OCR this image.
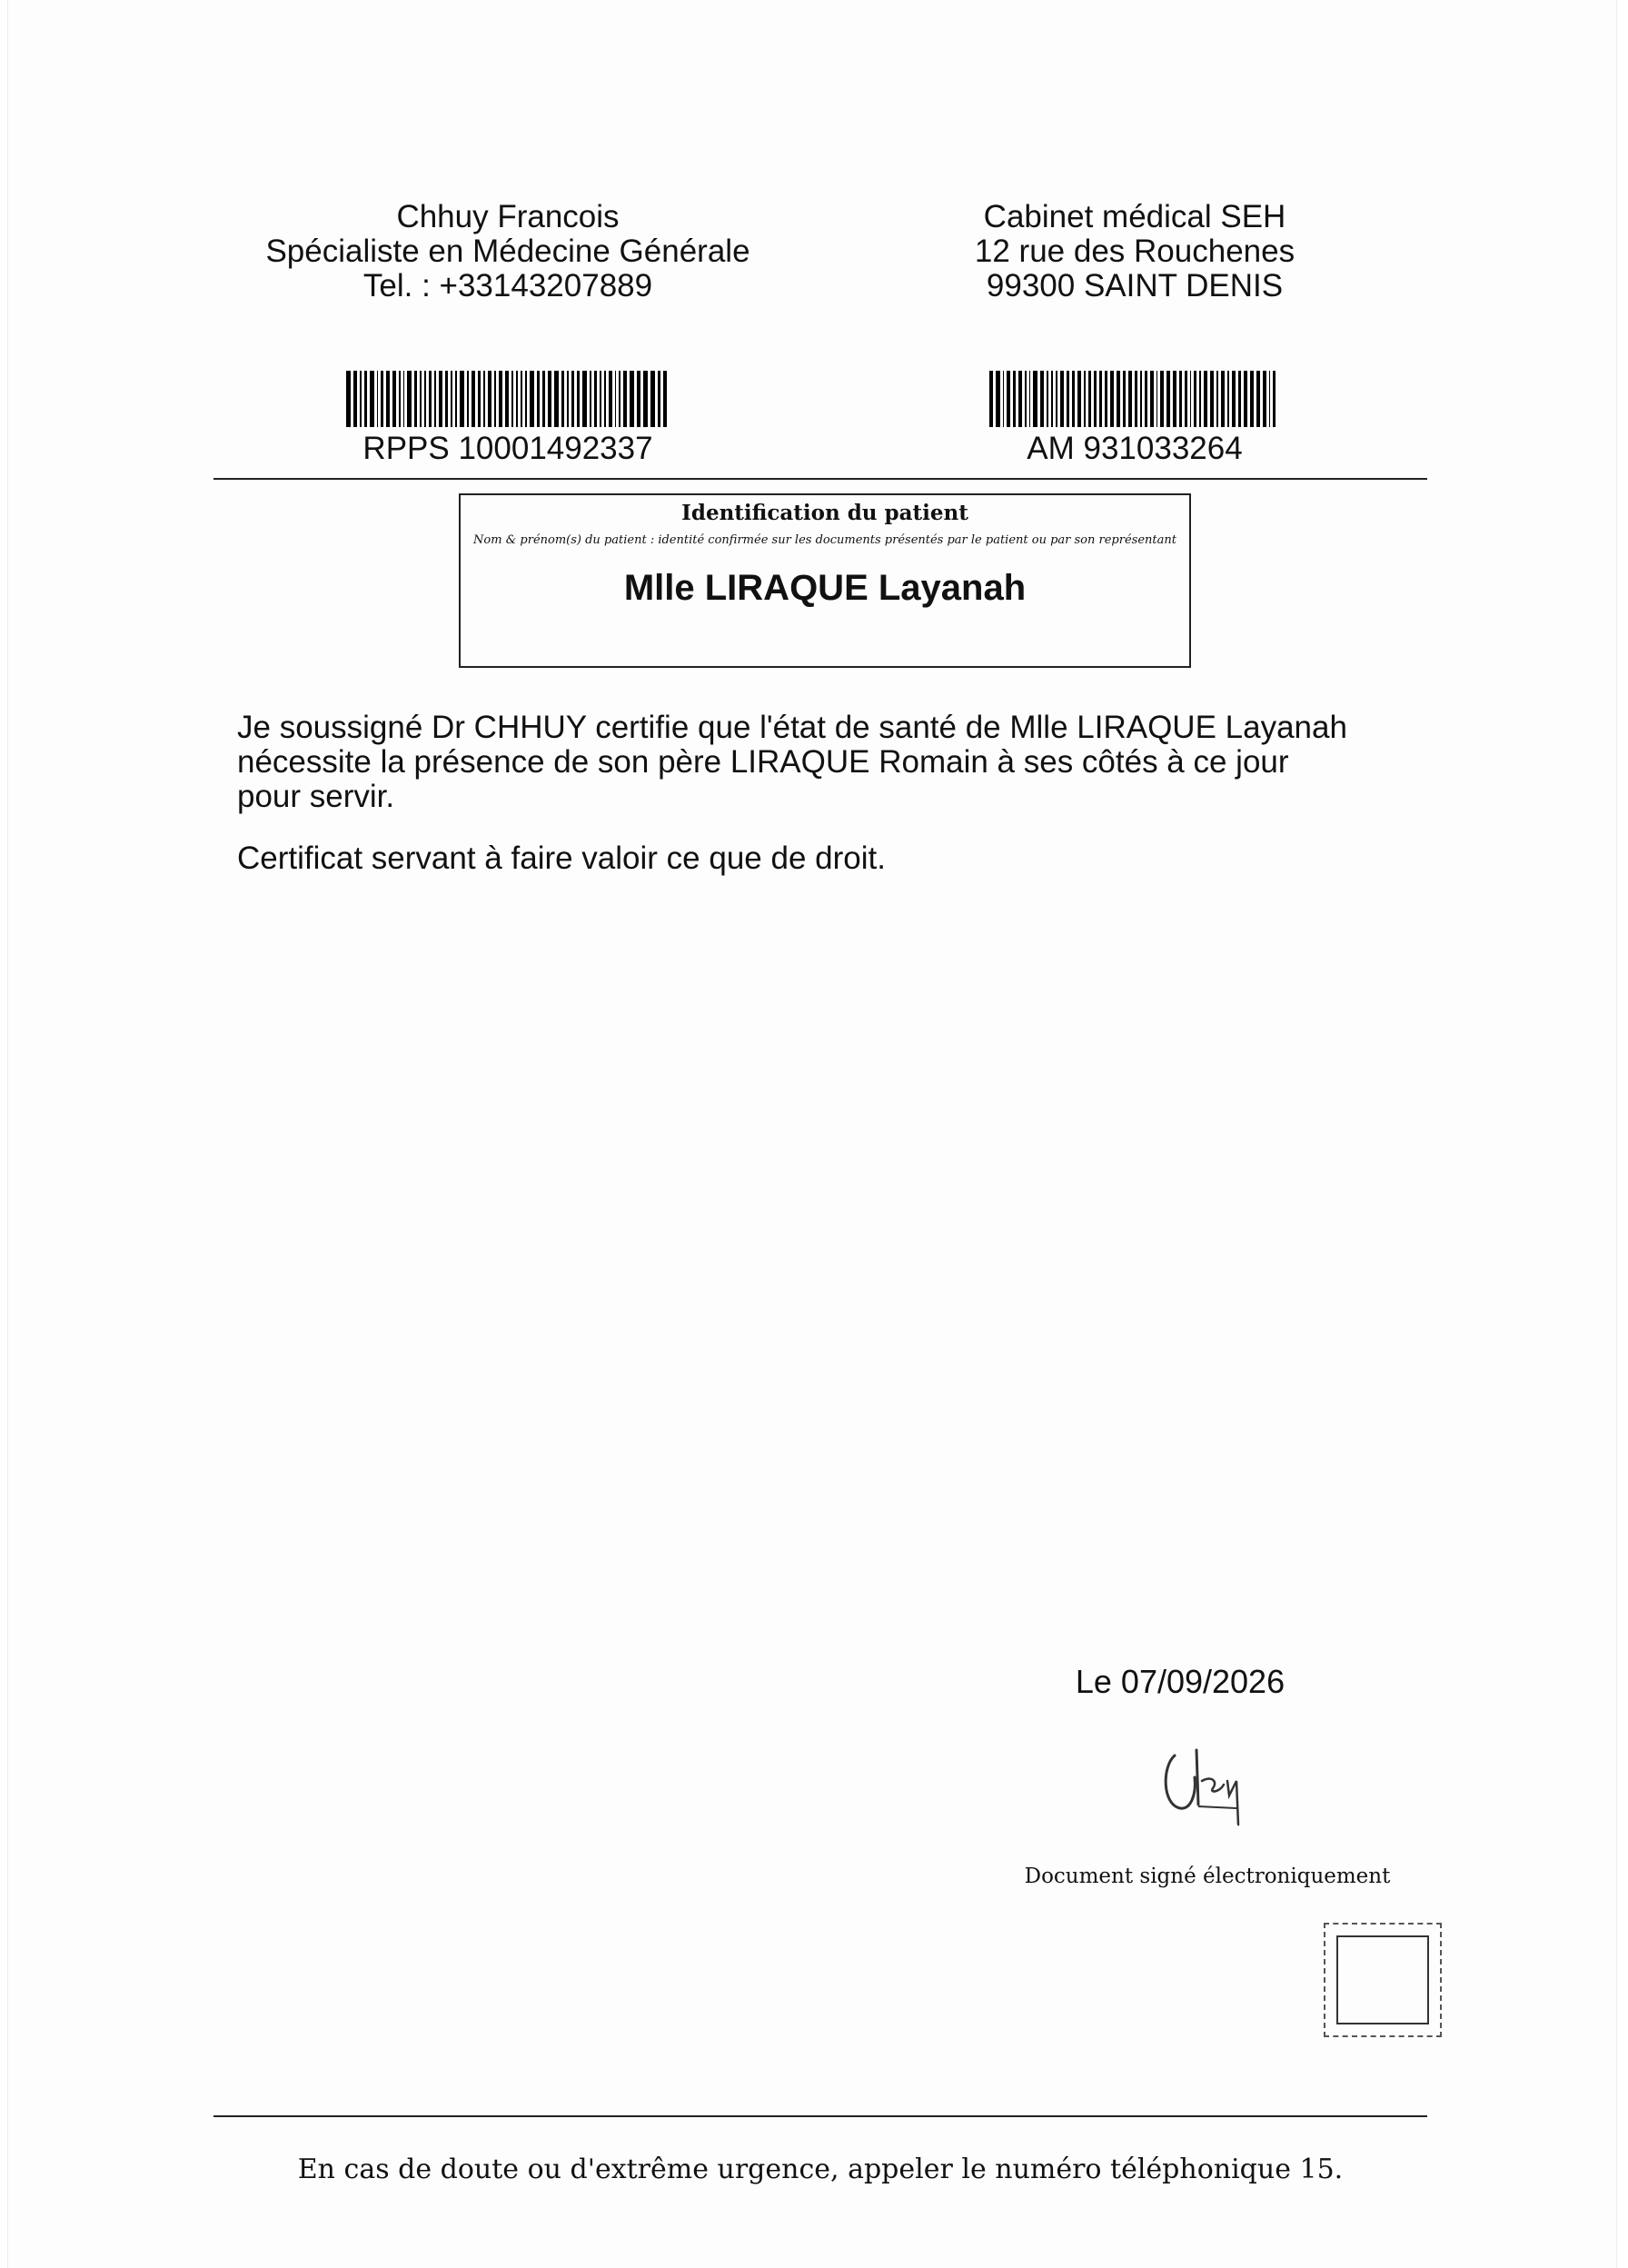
Chhuy Francois
Spécialiste en Médecine Générale
Tel. : +33143207889
Cabinet médical SEH
12 rue des Rouchenes
99300 SAINT DENIS
RPPS 10001492337	AM 931033264
Identification du patient
Nom & prénom(s) du patient : identité confirmée sur les documents présentés par le patient ou par son représentant
Mlle LIRAQUE Layanah
Je soussigné Dr CHHUY certifie que l'état de santé de Mlle LIRAQUE Layanah nécessite la présence de son père LIRAQUE Romain à ses côtés à ce jour pour servir.
Certificat servant à faire valoir ce que de droit.
Le 07/09/2026
Document signé électroniquement
En cas de doute ou d'extrême urgence, appeler le numéro téléphonique 15.
